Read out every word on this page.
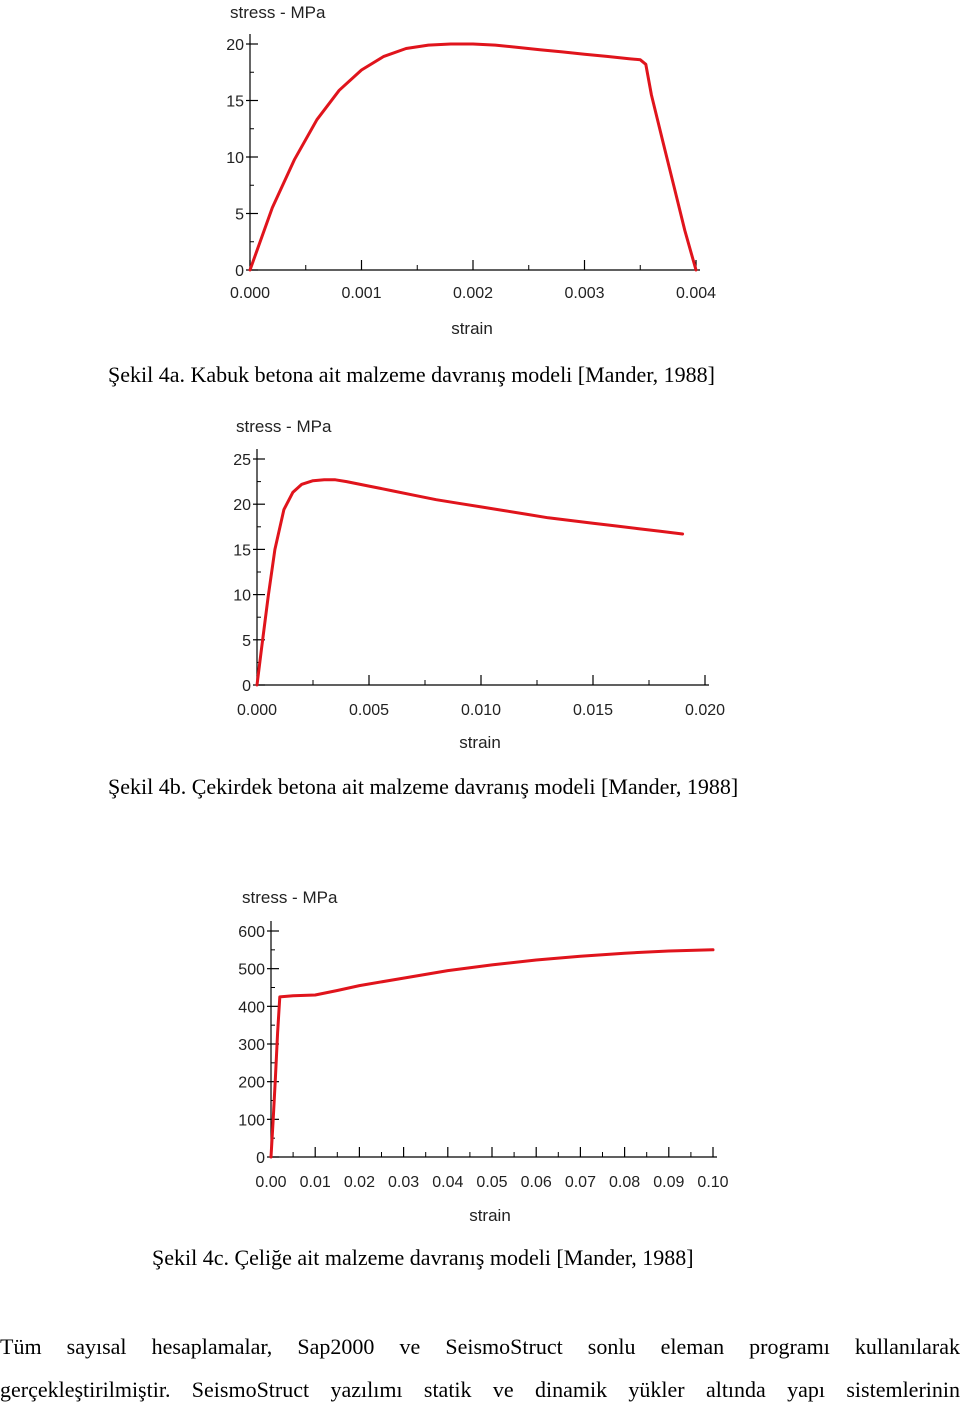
stress - MPa
0.000	0.001	0.002	0.003	0.004
0
5
10
15
20
strain

Şekil 4a. Kabuk betona ait malzeme davranış modeli [Mander, 1988]

stress - MPa
0.000	0.005	0.010	0.015	0.020
0
5
10
15
20
25
strain

Şekil 4b. Çekirdek betona ait malzeme davranış modeli [Mander, 1988]

stress - MPa
0.00 0.01 0.02 0.03 0.04 0.05 0.06 0.07 0.08 0.09 0.10
0
100
200
300
400
500
600
strain

Şekil 4c. Çeliğe ait malzeme davranış modeli [Mander, 1988]

Tüm sayısal hesaplamalar, Sap2000 ve SeismoStruct sonlu eleman programı kullanılarak

gerçekleştirilmiştir. SeismoStruct yazılımı statik ve dinamik yükler altında yapı sistemlerinin
